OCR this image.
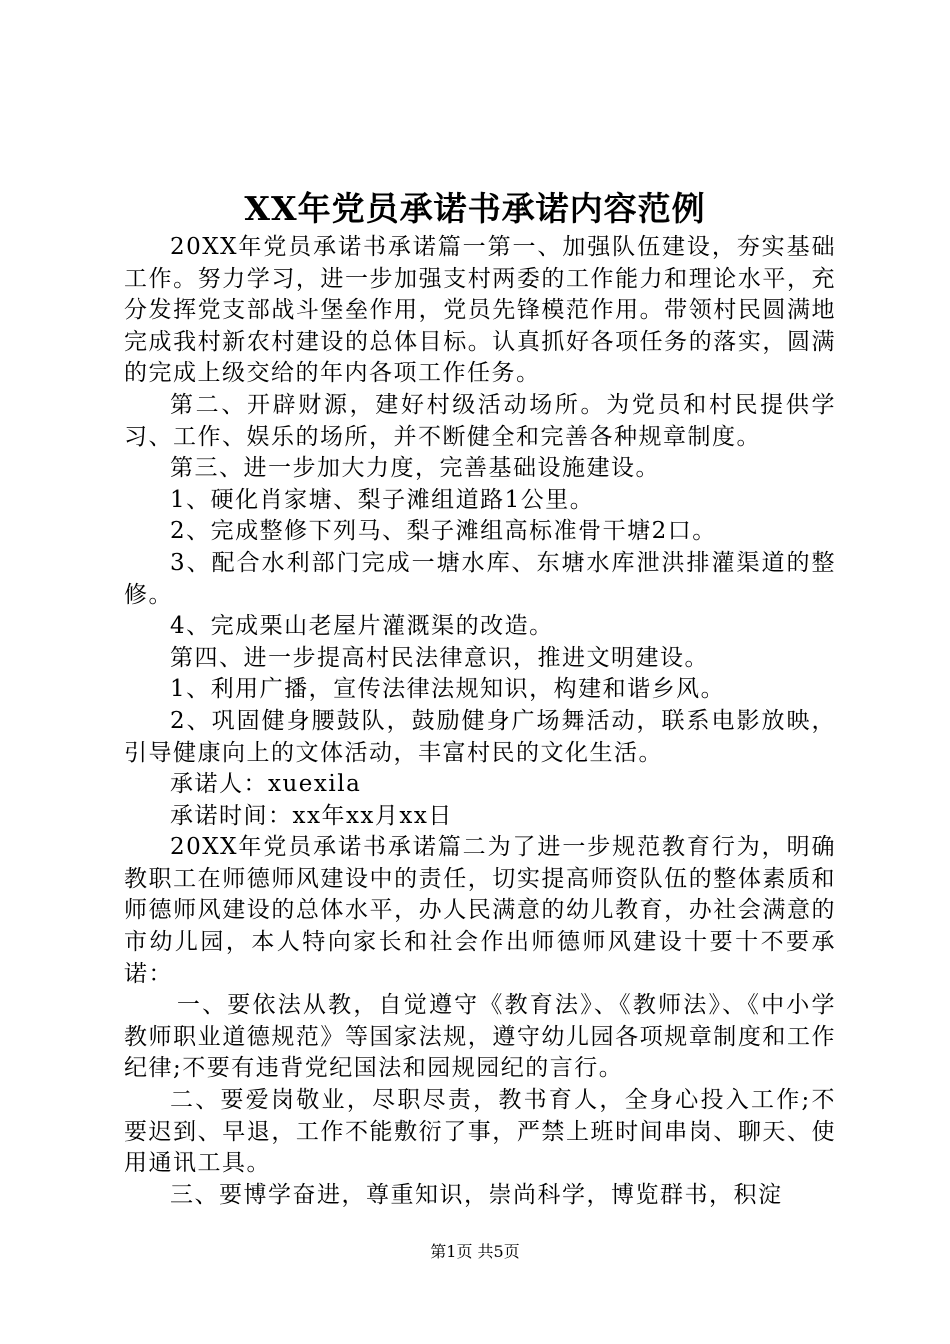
XX年党员承诺书承诺内容范例

20XX年党员承诺书承诺篇一第一、加强队伍建设，夯实基础工作。努力学习，进一步加强支村两委的工作能力和理论水平，充分发挥党支部战斗堡垒作用，党员先锋模范作用。带领村民圆满地完成我村新农村建设的总体目标。认真抓好各项任务的落实，圆满的完成上级交给的年内各项工作任务。

第二、开辟财源，建好村级活动场所。为党员和村民提供学习、工作、娱乐的场所，并不断健全和完善各种规章制度。

第三、进一步加大力度，完善基础设施建设。

1、硬化肖家塘、梨子滩组道路1公里。

2、完成整修下列马、梨子滩组高标准骨干塘2口。

3、配合水利部门完成一塘水库、东塘水库泄洪排灌渠道的整修。

4、完成栗山老屋片灌溉渠的改造。

第四、进一步提高村民法律意识，推进文明建设。

1、利用广播，宣传法律法规知识，构建和谐乡风。

2、巩固健身腰鼓队，鼓励健身广场舞活动，联系电影放映，引导健康向上的文体活动，丰富村民的文化生活。

承诺人：xuexila

承诺时间：xx年xx月xx日

20XX年党员承诺书承诺篇二为了进一步规范教育行为，明确教职工在师德师风建设中的责任，切实提高师资队伍的整体素质和师德师风建设的总体水平，办人民满意的幼儿教育，办社会满意的市幼儿园，本人特向家长和社会作出师德师风建设十要十不要承诺：

一、要依法从教，自觉遵守《教育法》、《教师法》、《中小学教师职业道德规范》等国家法规，遵守幼儿园各项规章制度和工作纪律;不要有违背党纪国法和园规园纪的言行。

二、要爱岗敬业，尽职尽责，教书育人，全身心投入工作;不要迟到、早退，工作不能敷衍了事，严禁上班时间串岗、聊天、使用通讯工具。

三、要博学奋进，尊重知识，崇尚科学，博览群书，积淀

第1页 共5页
